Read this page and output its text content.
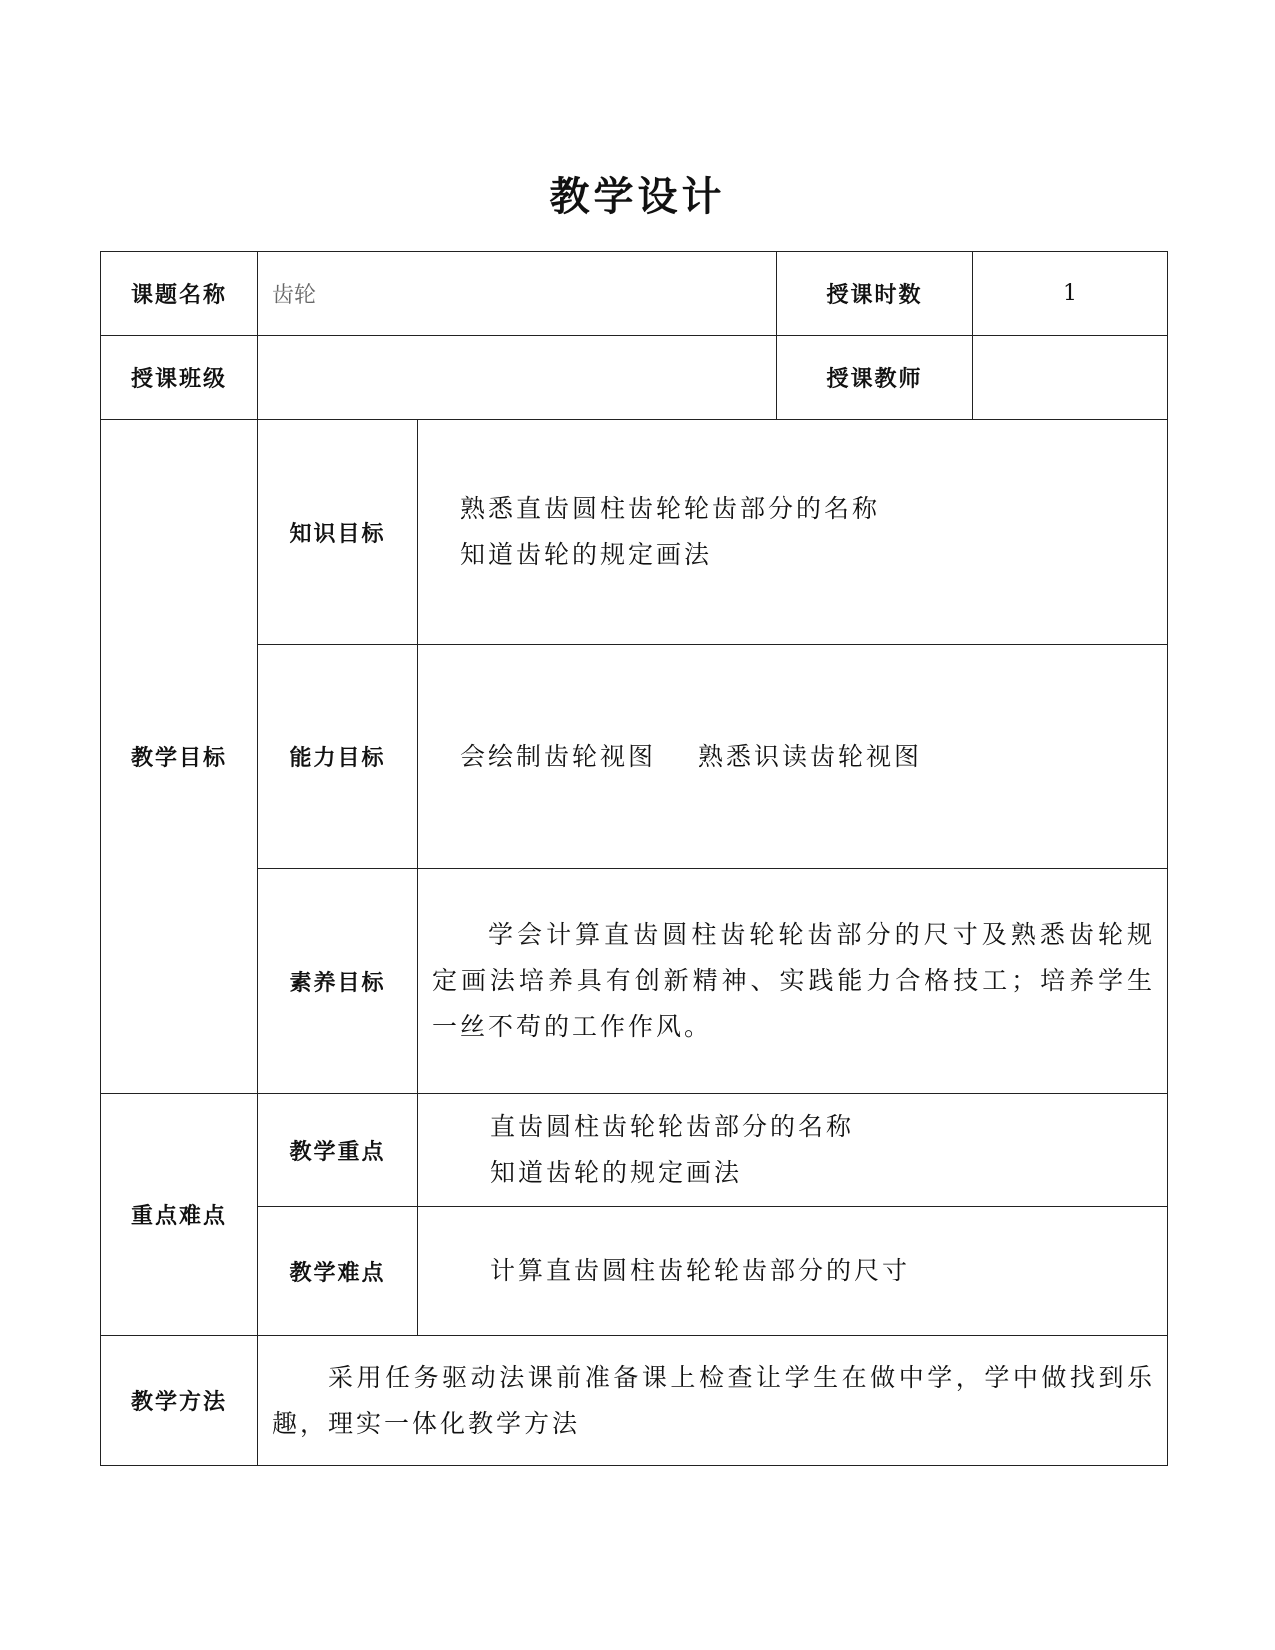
教学设计
课题名称	齿轮		授课时数	1
授课班级			授课教师	
教学目标	知识目标	熟悉直齿圆柱齿轮轮齿部分的名称
知道齿轮的规定画法		

	能力目标	会绘制齿轮视图 熟悉识读齿轮视图		
	素养目标	学会计算直齿圆柱齿轮轮齿部分的尺寸及熟悉齿轮规定画法培养具有创新精神、实践能力合格技工；培养学生一丝不苟的工作作风。		
重点难点	教学重点	直齿圆柱齿轮轮齿部分的名称
知道齿轮的规定画法		

	教学难点	计算直齿圆柱齿轮轮齿部分的尺寸		
教学方法	采用任务驱动法课前准备课上检查让学生在做中学，学中做找到乐趣，理实一体化教学方法			
